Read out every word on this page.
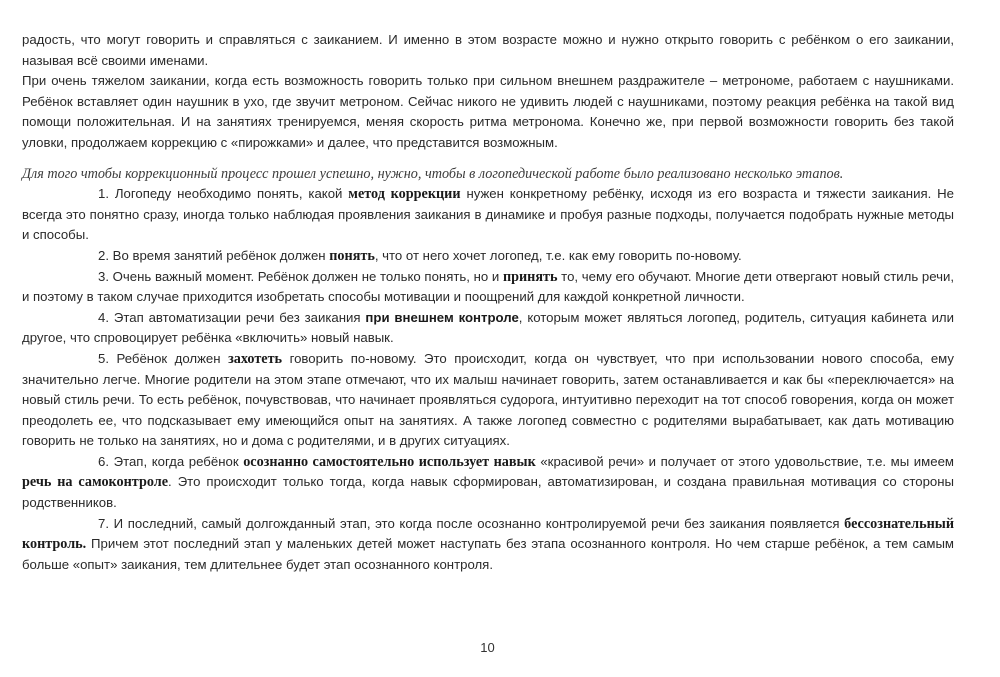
радость, что могут говорить и справляться с заиканием. И именно в этом возрасте можно и нужно открыто говорить с ребёнком о его заикании, называя всё своими именами.

При очень тяжелом заикании, когда есть возможность говорить только при сильном внешнем раздражителе – метрономе, работаем с наушниками. Ребёнок вставляет один наушник в ухо, где звучит метроном. Сейчас никого не удивить людей с наушниками, поэтому реакция ребёнка на такой вид помощи положительная. И на занятиях тренируемся, меняя скорость ритма метронома. Конечно же, при первой возможности говорить без такой уловки, продолжаем коррекцию с «пирожками» и далее, что представится возможным.

Для того чтобы коррекционный процесс прошел успешно, нужно, чтобы в логопедической работе было реализовано несколько этапов.

1. Логопеду необходимо понять, какой метод коррекции нужен конкретному ребёнку, исходя из его возраста и тяжести заикания. Не всегда это понятно сразу, иногда только наблюдая проявления заикания в динамике и пробуя разные подходы, получается подобрать нужные методы и способы.

2. Во время занятий ребёнок должен понять, что от него хочет логопед, т.е. как ему говорить по-новому.

3. Очень важный момент. Ребёнок должен не только понять, но и принять то, чему его обучают. Многие дети отвергают новый стиль речи, и поэтому в таком случае приходится изобретать способы мотивации и поощрений для каждой конкретной личности.

4. Этап автоматизации речи без заикания при внешнем контроле, которым может являться логопед, родитель, ситуация кабинета или другое, что спровоцирует ребёнка «включить» новый навык.

5. Ребёнок должен захотеть говорить по-новому. Это происходит, когда он чувствует, что при использовании нового способа, ему значительно легче. Многие родители на этом этапе отмечают, что их малыш начинает говорить, затем останавливается и как бы «переключается» на новый стиль речи. То есть ребёнок, почувствовав, что начинает проявляться судорога, интуитивно переходит на тот способ говорения, когда он может преодолеть ее, что подсказывает ему имеющийся опыт на занятиях. А также логопед совместно с родителями вырабатывает, как дать мотивацию говорить не только на занятиях, но и дома с родителями, и в других ситуациях.

6. Этап, когда ребёнок осознанно самостоятельно использует навык «красивой речи» и получает от этого удовольствие, т.е. мы имеем речь на самоконтроле. Это происходит только тогда, когда навык сформирован, автоматизирован, и создана правильная мотивация со стороны родственников.

7. И последний, самый долгожданный этап, это когда после осознанно контролируемой речи без заикания появляется бессознательный контроль. Причем этот последний этап у маленьких детей может наступать без этапа осознанного контроля. Но чем старше ребёнок, а тем самым больше «опыт» заикания, тем длительнее будет этап осознанного контроля.

10
